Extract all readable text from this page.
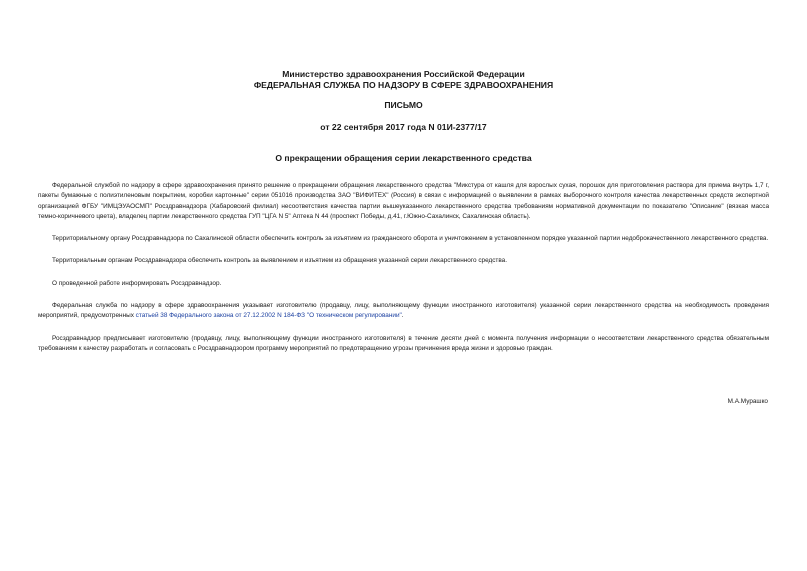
Министерство здравоохранения Российской Федерации
ФЕДЕРАЛЬНАЯ СЛУЖБА ПО НАДЗОРУ В СФЕРЕ ЗДРАВООХРАНЕНИЯ
ПИСЬМО
от 22 сентября 2017 года N 01И-2377/17
О прекращении обращения серии лекарственного средства

Федеральной службой по надзору в сфере здравоохранения принято решение о прекращении обращения лекарственного средства "Микстура от кашля для взрослых сухая, порошок для приготовления раствора для приема внутрь 1,7 г, пакеты бумажные с полиэтиленовым покрытием, коробки картонные" серии 051016 производства ЗАО "ВИФИТЕХ" (Россия) в связи с информацией о выявлении в рамках выборочного контроля качества лекарственных средств экспертной организацией ФГБУ "ИМЦЭУАОСМП" Росздравнадзора (Хабаровский филиал) несоответствия качества партии вышеуказанного лекарственного средства требованиям нормативной документации по показателю "Описание" (вязкая масса темно-коричневого цвета), владелец партии лекарственного средства ГУП "ЦГА N 5" Аптека N 44 (проспект Победы, д.41, г.Южно-Сахалинск, Сахалинская область).

Территориальному органу Росздравнадзора по Сахалинской области обеспечить контроль за изъятием из гражданского оборота и уничтожением в установленном порядке указанной партии недоброкачественного лекарственного средства.

Территориальным органам Росздравнадзора обеспечить контроль за выявлением и изъятием из обращения указанной серии лекарственного средства.

О проведенной работе информировать Росздравнадзор.

Федеральная служба по надзору в сфере здравоохранения указывает изготовителю (продавцу, лицу, выполняющему функции иностранного изготовителя) указанной серии лекарственного средства на необходимость проведения мероприятий, предусмотренных статьей 38 Федерального закона от 27.12.2002 N 184-ФЗ "О техническом регулировании".

Росздравнадзор предписывает изготовителю (продавцу, лицу, выполняющему функции иностранного изготовителя) в течение десяти дней с момента получения информации о несоответствии лекарственного средства обязательным требованиям к качеству разработать и согласовать с Росздравнадзором программу мероприятий по предотвращению угрозы причинения вреда жизни и здоровью граждан.

М.А.Мурашко
